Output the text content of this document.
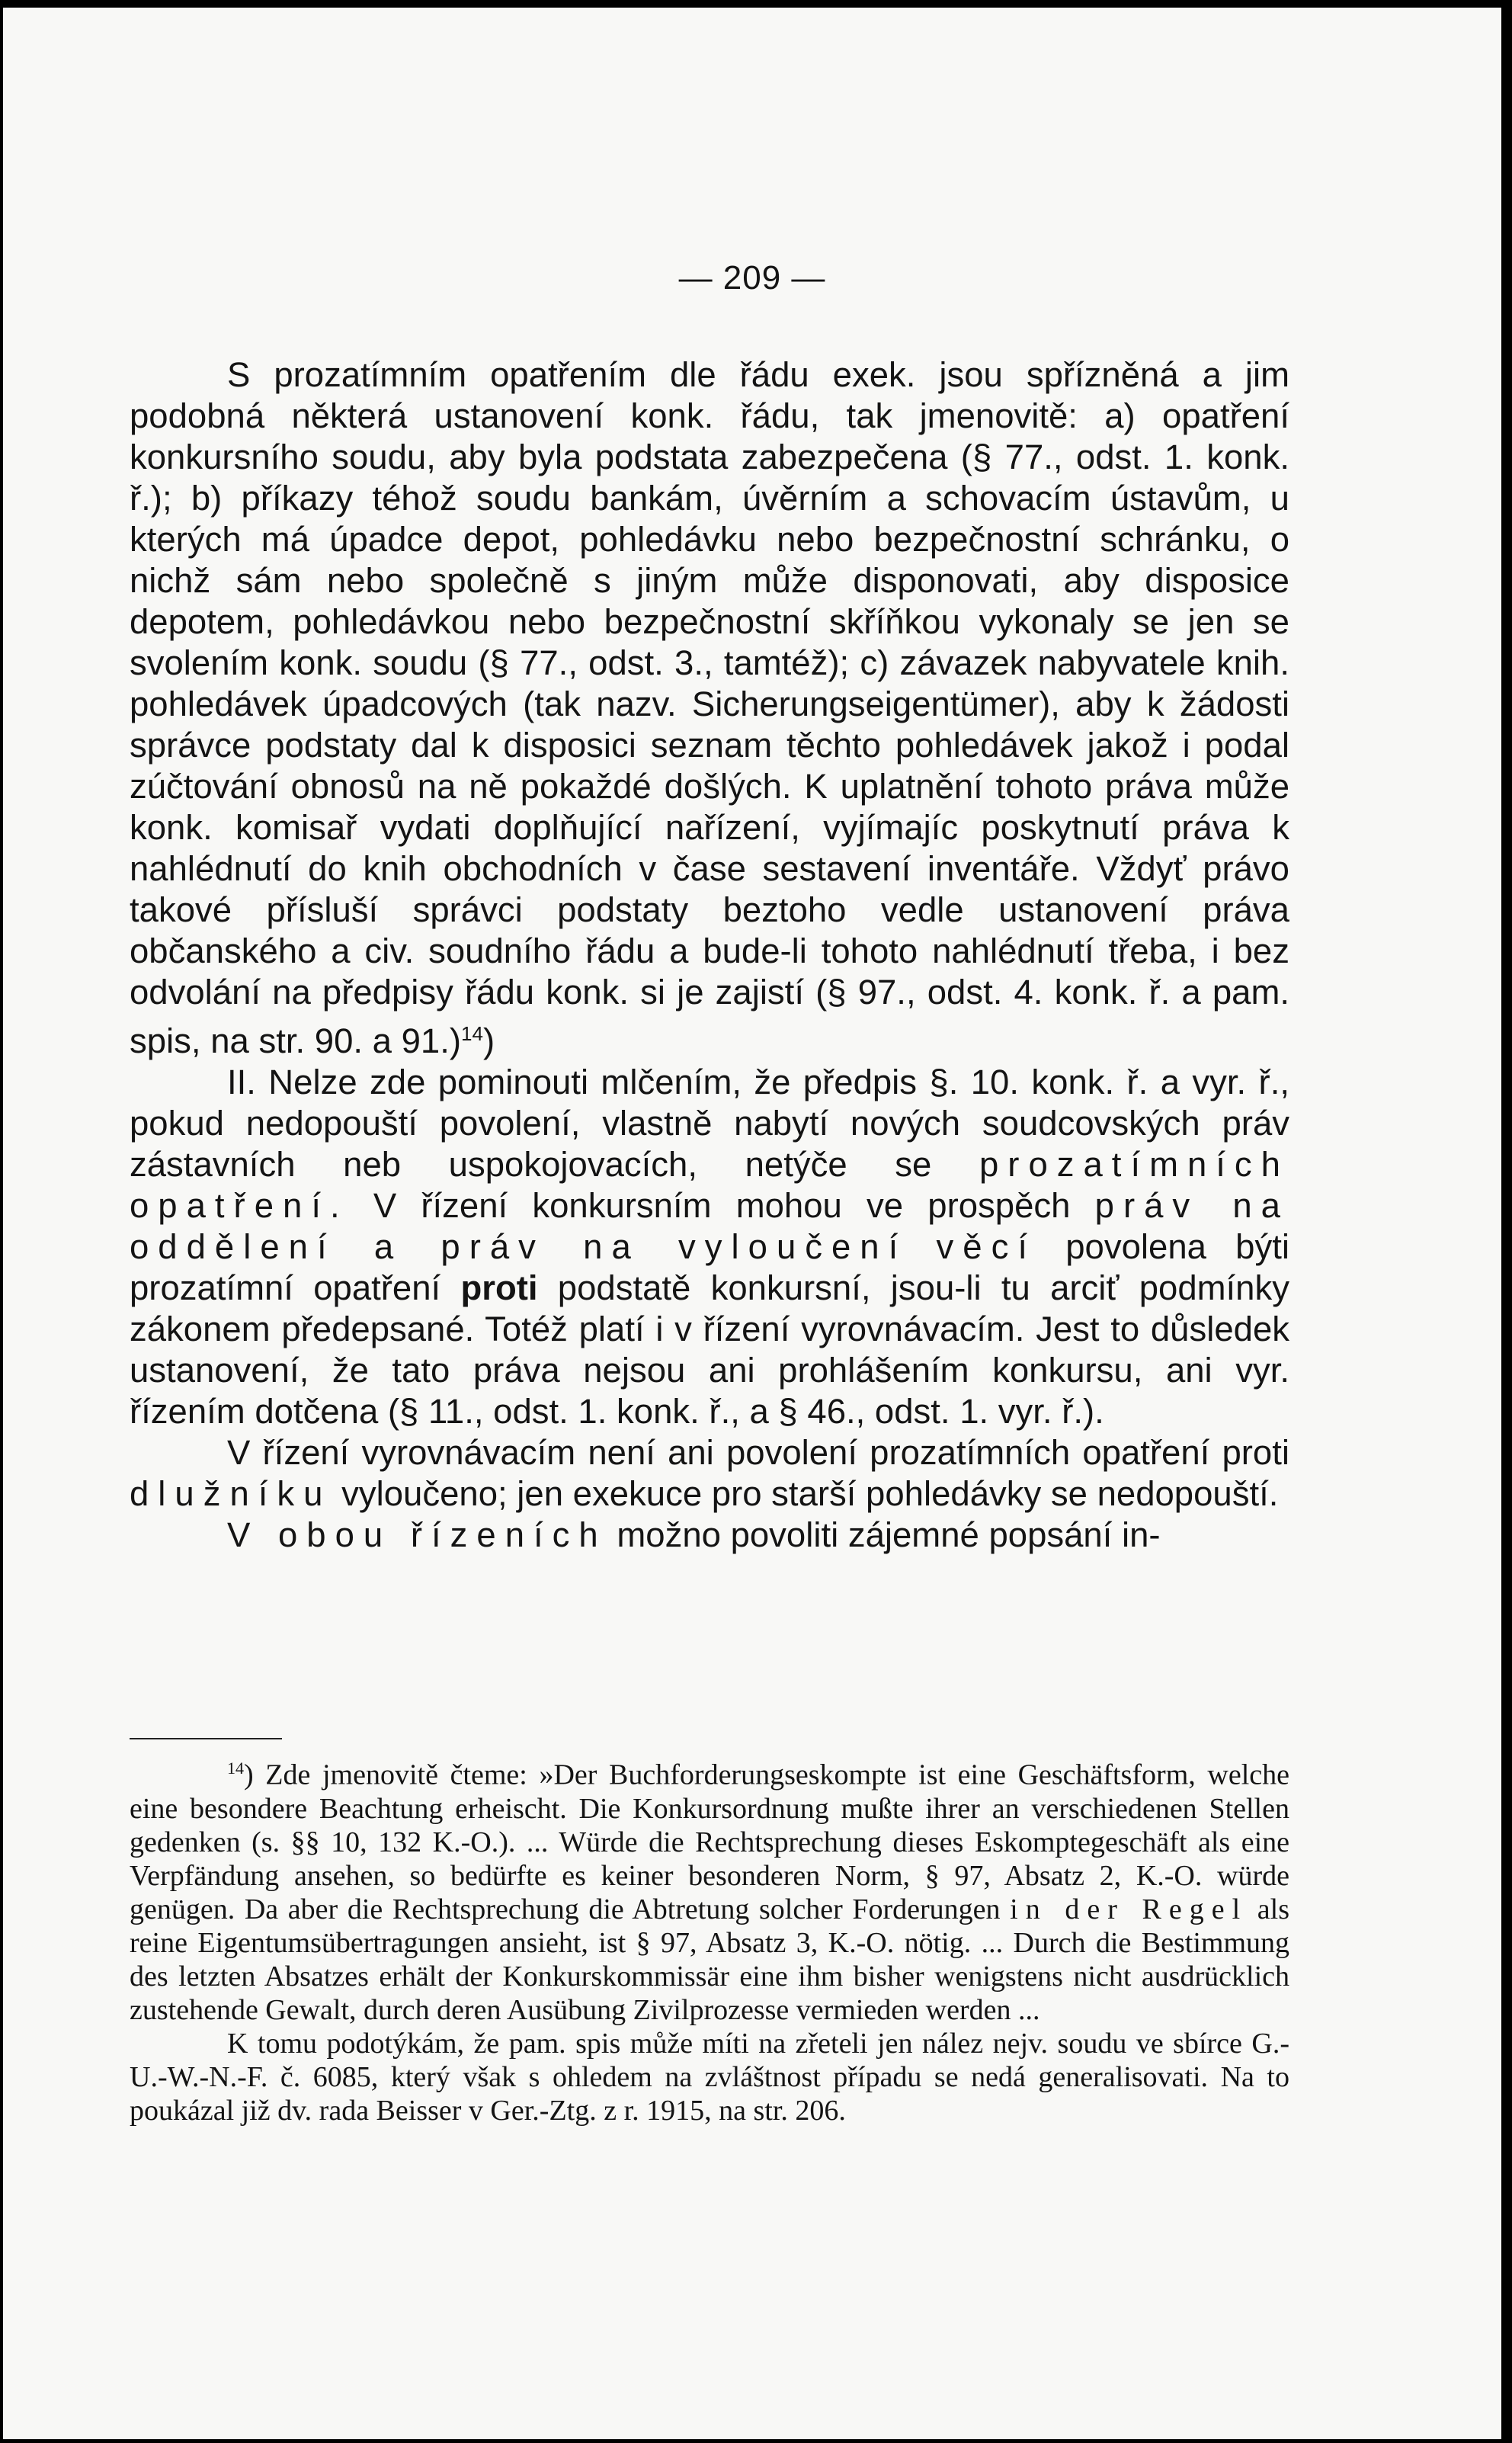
— 209 —

S prozatímním opatřením dle řádu exek. jsou spřízněná a jim podobná některá ustanovení konk. řádu, tak jmenovitě: a) opatření konkursního soudu, aby byla podstata zabezpečena (§ 77., odst. 1. konk. ř.); b) příkazy téhož soudu bankám, úvěrním a schovacím ústavům, u kterých má úpadce depot, pohledávku nebo bezpečnostní schránku, o nichž sám nebo společně s jiným může disponovati, aby disposice depotem, pohledávkou nebo bezpečnostní skříňkou vykonaly se jen se svolením konk. soudu (§ 77., odst. 3., tamtéž); c) závazek nabyvatele knih. pohledávek úpadcových (tak nazv. Sicherungseigentümer), aby k žádosti správce podstaty dal k disposici seznam těchto pohledávek jakož i podal zúčtování obnosů na ně pokaždé došlých. K uplatnění tohoto práva může konk. komisař vydati doplňující nařízení, vyjímajíc poskytnutí práva k nahlédnutí do knih obchodních v čase sestavení inventáře. Vždyť právo takové přísluší správci podstaty beztoho vedle ustanovení práva občanského a civ. soudního řádu a bude-li tohoto nahlédnutí třeba, i bez odvolání na předpisy řádu konk. si je zajistí (§ 97., odst. 4. konk. ř. a pam. spis, na str. 90. a 91.)$^{14}$)

II. Nelze zde pominouti mlčením, že předpis §. 10. konk. ř. a vyr. ř., pokud nedopouští povolení, vlastně nabytí nových soudcovských práv zástavních neb uspokojovacích, netýče se prozatímních opatření. V řízení konkursním mohou ve prospěch práv na oddělení a práv na vyloučení věcí povolena býti prozatímní opatření proti podstatě konkursní, jsou-li tu arciť podmínky zákonem předepsané. Totéž platí i v řízení vyrovnávacím. Jest to důsledek ustanovení, že tato práva nejsou ani prohlášením konkursu, ani vyr. řízením dotčena (§ 11., odst. 1. konk. ř., a § 46., odst. 1. vyr. ř.).

V řízení vyrovnávacím není ani povolení prozatímních opatření proti dlužníku vyloučeno; jen exekuce pro starší pohledávky se nedopouští.

V obou řízeních možno povoliti zájemné popsání in-

$^{14}$) Zde jmenovitě čteme: »Der Buchforderungseskompte ist eine Geschäftsform, welche eine besondere Beachtung erheischt. Die Konkursordnung mußte ihrer an verschiedenen Stellen gedenken (s. §§ 10, 132 K.-O.). ... Würde die Rechtsprechung dieses Eskomptegeschäft als eine Verpfändung ansehen, so bedürfte es keiner besonderen Norm, § 97, Absatz 2, K.-O. würde genügen. Da aber die Rechtsprechung die Abtretung solcher Forderungen in der Regel als reine Eigentumsübertragungen ansieht, ist § 97, Absatz 3, K.-O. nötig. ... Durch die Bestimmung des letzten Absatzes erhält der Konkurskommissär eine ihm bisher wenigstens nicht ausdrücklich zustehende Gewalt, durch deren Ausübung Zivilprozesse vermieden werden ...

K tomu podotýkám, že pam. spis může míti na zřeteli jen nález nejv. soudu ve sbírce G.-U.-W.-N.-F. č. 6085, který však s ohledem na zvláštnost případu se nedá generalisovati. Na to poukázal již dv. rada Beisser v Ger.-Ztg. z r. 1915, na str. 206.
